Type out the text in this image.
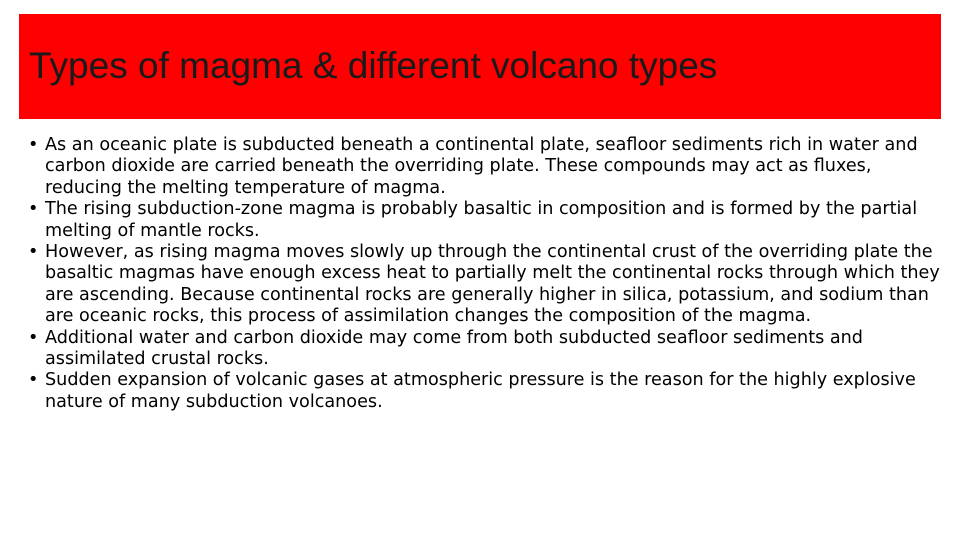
Types of magma & different volcano types
• As an oceanic plate is subducted beneath a continental plate, seafloor sediments rich in water and carbon dioxide are carried beneath the overriding plate. These compounds may act as fluxes, reducing the melting temperature of magma.
• The rising subduction-zone magma is probably basaltic in composition and is formed by the partial melting of mantle rocks.
• However, as rising magma moves slowly up through the continental crust of the overriding plate the basaltic magmas have enough excess heat to partially melt the continental rocks through which they are ascending. Because continental rocks are generally higher in silica, potassium, and sodium than are oceanic rocks, this process of assimilation changes the composition of the magma.
• Additional water and carbon dioxide may come from both subducted seafloor sediments and assimilated crustal rocks.
• Sudden expansion of volcanic gases at atmospheric pressure is the reason for the highly explosive nature of many subduction volcanoes.
